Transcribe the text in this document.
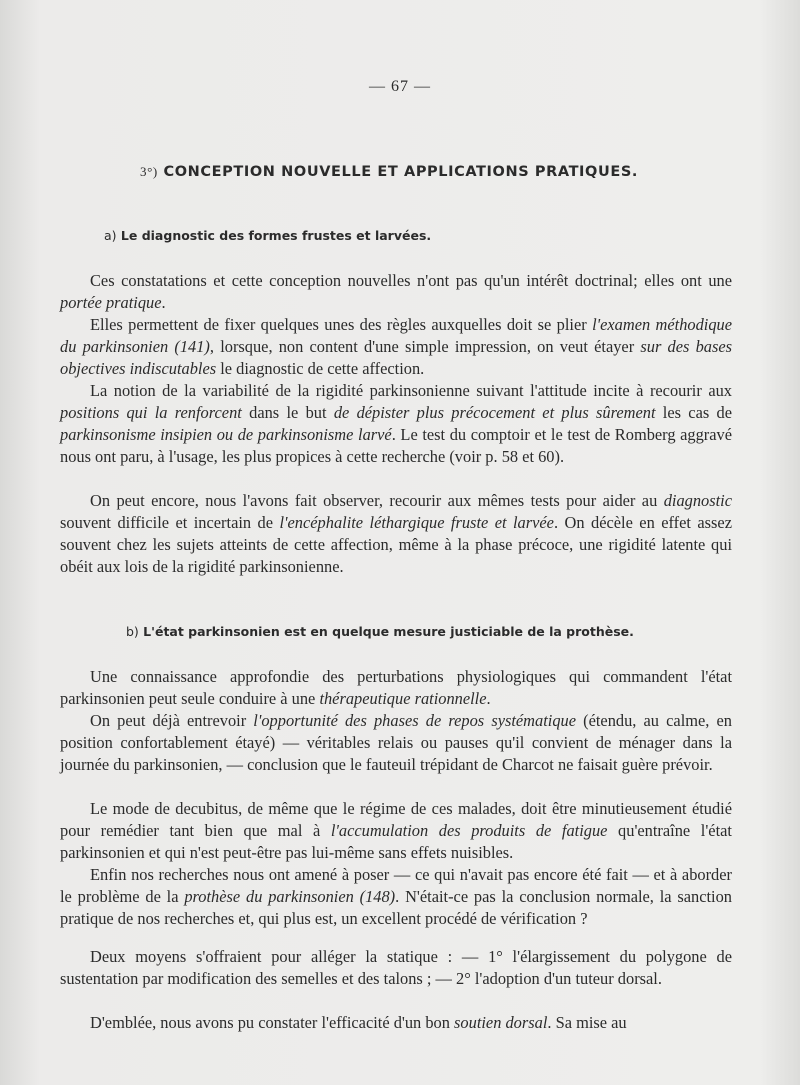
— 67 —
3°) CONCEPTION NOUVELLE ET APPLICATIONS PRATIQUES.
a) Le diagnostic des formes frustes et larvées.
Ces constatations et cette conception nouvelles n'ont pas qu'un intérêt doctrinal; elles ont une portée pratique.
Elles permettent de fixer quelques unes des règles auxquelles doit se plier l'examen méthodique du parkinsonien (141), lorsque, non content d'une simple impression, on veut étayer sur des bases objectives indiscutables le diagnostic de cette affection.
La notion de la variabilité de la rigidité parkinsonienne suivant l'attitude incite à recourir aux positions qui la renforcent dans le but de dépister plus précocement et plus sûrement les cas de parkinsonisme insipien ou de parkinsonisme larvé. Le test du comptoir et le test de Romberg aggravé nous ont paru, à l'usage, les plus propices à cette recherche (voir p. 58 et 60).
On peut encore, nous l'avons fait observer, recourir aux mêmes tests pour aider au diagnostic souvent difficile et incertain de l'encéphalite léthargique fruste et larvée. On décèle en effet assez souvent chez les sujets atteints de cette affection, même à la phase précoce, une rigidité latente qui obéit aux lois de la rigidité parkinsonienne.
b) L'état parkinsonien est en quelque mesure justiciable de la prothèse.
Une connaissance approfondie des perturbations physiologiques qui commandent l'état parkinsonien peut seule conduire à une thérapeutique rationnelle.
On peut déjà entrevoir l'opportunité des phases de repos systématique (étendu, au calme, en position confortablement étayé) — véritables relais ou pauses qu'il convient de ménager dans la journée du parkinsonien, — conclusion que le fauteuil trépidant de Charcot ne faisait guère prévoir.
Le mode de decubitus, de même que le régime de ces malades, doit être minutieusement étudié pour remédier tant bien que mal à l'accumulation des produits de fatigue qu'entraîne l'état parkinsonien et qui n'est peut-être pas lui-même sans effets nuisibles.
Enfin nos recherches nous ont amené à poser — ce qui n'avait pas encore été fait — et à aborder le problème de la prothèse du parkinsonien (148). N'était-ce pas la conclusion normale, la sanction pratique de nos recherches et, qui plus est, un excellent procédé de vérification ?
Deux moyens s'offraient pour alléger la statique : — 1° l'élargissement du polygone de sustentation par modification des semelles et des talons ; — 2° l'adoption d'un tuteur dorsal.
D'emblée, nous avons pu constater l'efficacité d'un bon soutien dorsal. Sa mise au
